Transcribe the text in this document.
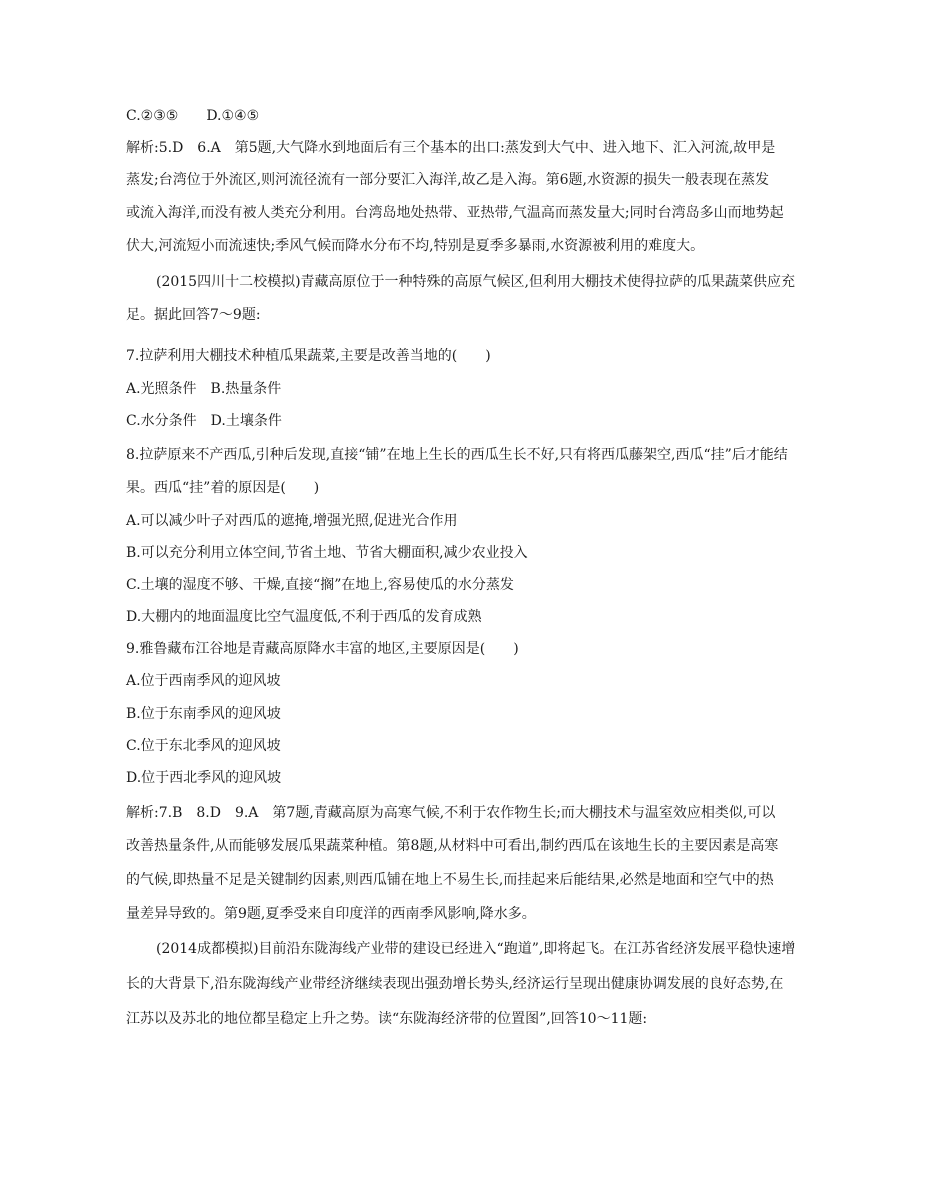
C.②③⑤　　D.①④⑤
解析:5.D　6.A　第5题,大气降水到地面后有三个基本的出口:蒸发到大气中、进入地下、汇入河流,故甲是
蒸发;台湾位于外流区,则河流径流有一部分要汇入海洋,故乙是入海。第6题,水资源的损失一般表现在蒸发
或流入海洋,而没有被人类充分利用。台湾岛地处热带、亚热带,气温高而蒸发量大;同时台湾岛多山而地势起
伏大,河流短小而流速快;季风气候而降水分布不均,特别是夏季多暴雨,水资源被利用的难度大。
(2015四川十二校模拟)青藏高原位于一种特殊的高原气候区,但利用大棚技术使得拉萨的瓜果蔬菜供应充
足。据此回答7～9题:
7.拉萨利用大棚技术种植瓜果蔬菜,主要是改善当地的(　　)
A.光照条件　B.热量条件
C.水分条件　D.土壤条件
8.拉萨原来不产西瓜,引种后发现,直接“铺”在地上生长的西瓜生长不好,只有将西瓜藤架空,西瓜“挂”后才能结
果。西瓜“挂”着的原因是(　　)
A.可以减少叶子对西瓜的遮掩,增强光照,促进光合作用
B.可以充分利用立体空间,节省土地、节省大棚面积,减少农业投入
C.土壤的湿度不够、干燥,直接“搁”在地上,容易使瓜的水分蒸发
D.大棚内的地面温度比空气温度低,不利于西瓜的发育成熟
9.雅鲁藏布江谷地是青藏高原降水丰富的地区,主要原因是(　　)
A.位于西南季风的迎风坡
B.位于东南季风的迎风坡
C.位于东北季风的迎风坡
D.位于西北季风的迎风坡
解析:7.B　8.D　9.A　第7题,青藏高原为高寒气候,不利于农作物生长;而大棚技术与温室效应相类似,可以
改善热量条件,从而能够发展瓜果蔬菜种植。第8题,从材料中可看出,制约西瓜在该地生长的主要因素是高寒
的气候,即热量不足是关键制约因素,则西瓜铺在地上不易生长,而挂起来后能结果,必然是地面和空气中的热
量差异导致的。第9题,夏季受来自印度洋的西南季风影响,降水多。
(2014成都模拟)目前沿东陇海线产业带的建设已经进入“跑道”,即将起飞。在江苏省经济发展平稳快速增
长的大背景下,沿东陇海线产业带经济继续表现出强劲增长势头,经济运行呈现出健康协调发展的良好态势,在
江苏以及苏北的地位都呈稳定上升之势。读“东陇海经济带的位置图”,回答10～11题:
